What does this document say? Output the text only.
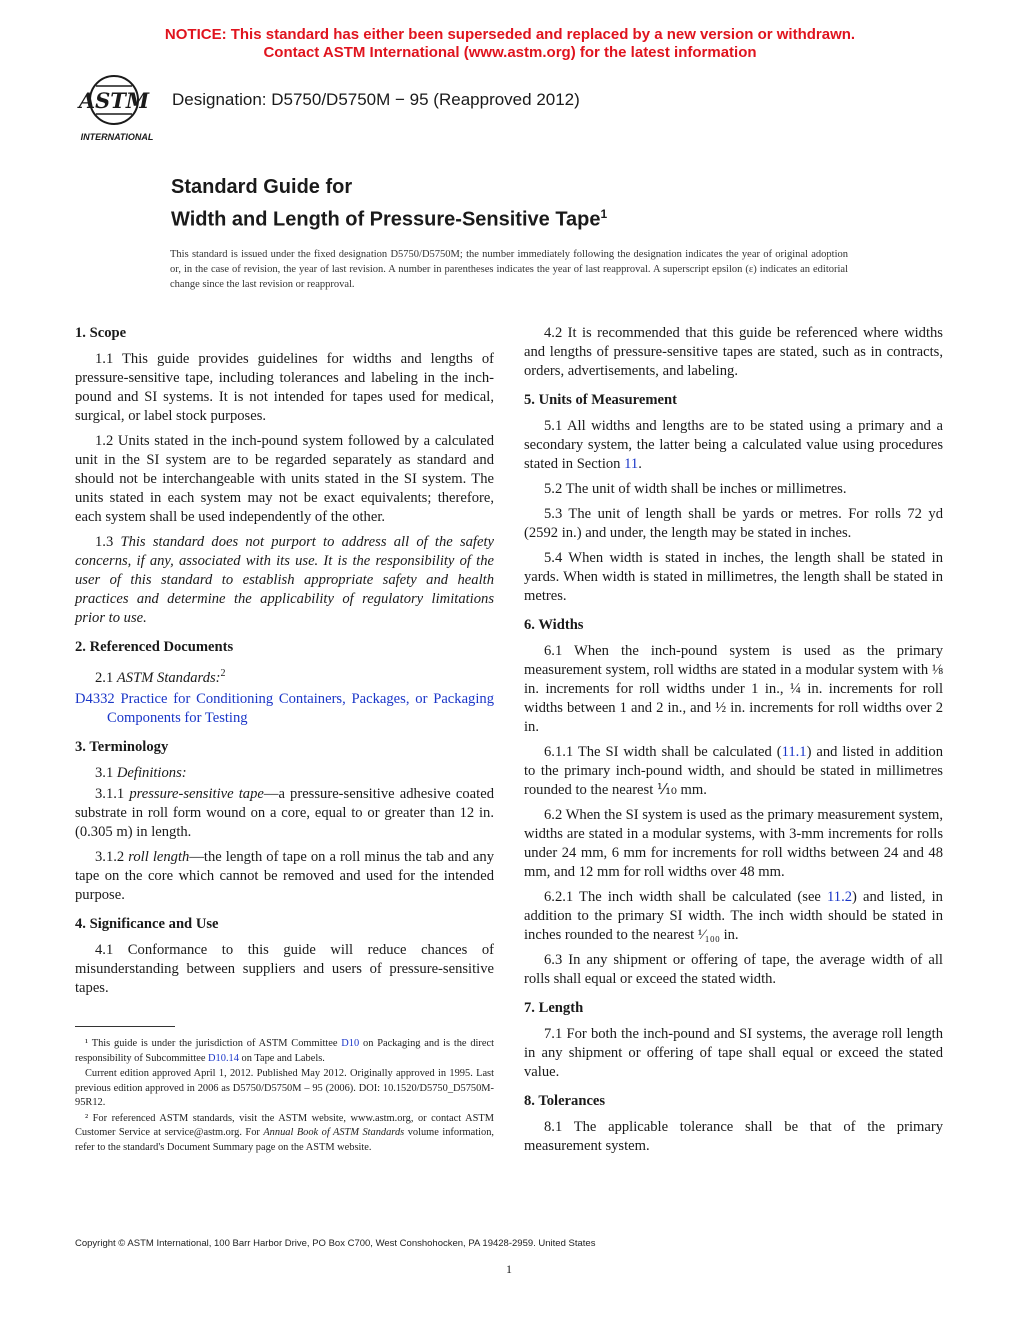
NOTICE: This standard has either been superseded and replaced by a new version or withdrawn.
Contact ASTM International (www.astm.org) for the latest information
ASTM
INTERNATIONAL
Designation: D5750/D5750M − 95 (Reapproved 2012)
Standard Guide for
Width and Length of Pressure-Sensitive Tape$^1$
This standard is issued under the fixed designation D5750/D5750M; the number immediately following the designation indicates the year of original adoption or, in the case of revision, the year of last revision. A number in parentheses indicates the year of last reapproval. A superscript epsilon (ε) indicates an editorial change since the last revision or reapproval.
1. Scope

1.1 This guide provides guidelines for widths and lengths of pressure-sensitive tape, including tolerances and labeling in the inch-pound and SI systems. It is not intended for tapes used for medical, surgical, or label stock purposes.

1.2 Units stated in the inch-pound system followed by a calculated unit in the SI system are to be regarded separately as standard and should not be interchangeable with units stated in the SI system. The units stated in each system may not be exact equivalents; therefore, each system shall be used independently of the other.

1.3 This standard does not purport to address all of the safety concerns, if any, associated with its use. It is the responsibility of the user of this standard to establish appropriate safety and health practices and determine the applicability of regulatory limitations prior to use.

2. Referenced Documents

2.1 ASTM Standards:$^2$

D4332 Practice for Conditioning Containers, Packages, or Packaging Components for Testing

3. Terminology

3.1 Definitions:

3.1.1 pressure-sensitive tape—a pressure-sensitive adhesive coated substrate in roll form wound on a core, equal to or greater than 12 in. (0.305 m) in length.

3.1.2 roll length—the length of tape on a roll minus the tab and any tape on the core which cannot be removed and used for the intended purpose.

4. Significance and Use

4.1 Conformance to this guide will reduce chances of misunderstanding between suppliers and users of pressure-sensitive tapes.

¹ This guide is under the jurisdiction of ASTM Committee D10 on Packaging and is the direct responsibility of Subcommittee D10.14 on Tape and Labels.

Current edition approved April 1, 2012. Published May 2012. Originally approved in 1995. Last previous edition approved in 2006 as D5750/D5750M – 95 (2006). DOI: 10.1520/D5750_D5750M-95R12.

² For referenced ASTM standards, visit the ASTM website, www.astm.org, or contact ASTM Customer Service at service@astm.org. For Annual Book of ASTM Standards volume information, refer to the standard's Document Summary page on the ASTM website.

4.2 It is recommended that this guide be referenced where widths and lengths of pressure-sensitive tapes are stated, such as in contracts, orders, advertisements, and labeling.

5. Units of Measurement

5.1 All widths and lengths are to be stated using a primary and a secondary system, the latter being a calculated value using procedures stated in Section 11.

5.2 The unit of width shall be inches or millimetres.

5.3 The unit of length shall be yards or metres. For rolls 72 yd (2592 in.) and under, the length may be stated in inches.

5.4 When width is stated in inches, the length shall be stated in yards. When width is stated in millimetres, the length shall be stated in metres.

6. Widths

6.1 When the inch-pound system is used as the primary measurement system, roll widths are stated in a modular system with ⅛ in. increments for roll widths under 1 in., ¼ in. increments for roll widths between 1 and 2 in., and ½ in. increments for roll widths over 2 in.

6.1.1 The SI width shall be calculated (11.1) and listed in addition to the primary inch-pound width, and should be stated in millimetres rounded to the nearest ⅒ mm.

6.2 When the SI system is used as the primary measurement system, widths are stated in a modular systems, with 3-mm increments for rolls under 24 mm, 6 mm for increments for roll widths between 24 and 48 mm, and 12 mm for roll widths over 48 mm.

6.2.1 The inch width shall be calculated (see 11.2) and listed, in addition to the primary SI width. The inch width should be stated in inches rounded to the nearest ¹⁄₁₀₀ in.

6.3 In any shipment or offering of tape, the average width of all rolls shall equal or exceed the stated width.

7. Length

7.1 For both the inch-pound and SI systems, the average roll length in any shipment or offering of tape shall equal or exceed the stated value.

8. Tolerances

8.1 The applicable tolerance shall be that of the primary measurement system.

Copyright © ASTM International, 100 Barr Harbor Drive, PO Box C700, West Conshohocken, PA 19428-2959. United States
1
